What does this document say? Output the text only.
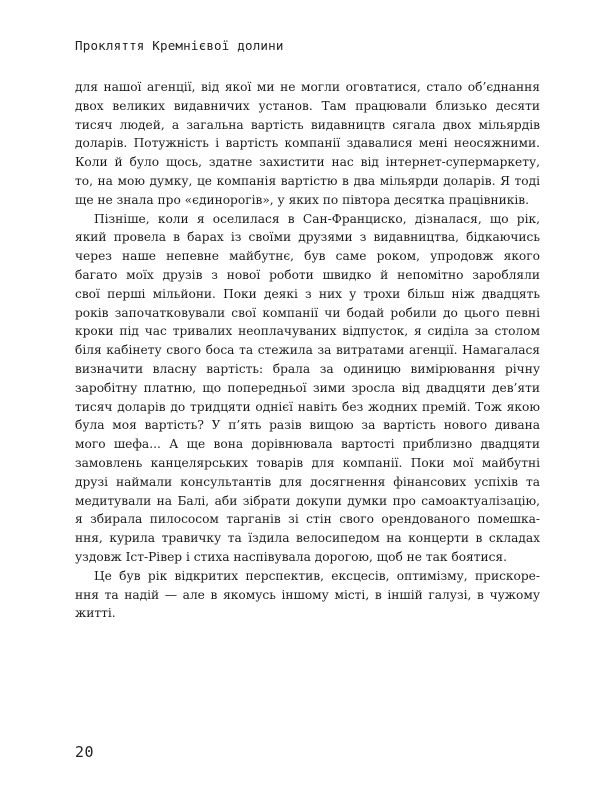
Прокляття Кремнієвої долини
для нашої агенції, від якої ми не могли оговтатися, стало об’єднання
двох великих видавничих установ. Там працювали близько десяти
тисяч людей, а загальна вартість видавництв сягала двох мільярдів
доларів. Потужність і вартість компанії здавалися мені неосяжними.
Коли й було щось, здатне захистити нас від інтернет-супермаркету,
то, на мою думку, це компанія вартістю в два мільярди доларів. Я тоді
ще не знала про «єдинорогів», у яких по півтора десятка працівників.
Пізніше, коли я оселилася в Сан-Франциско, дізналася, що рік,
який провела в барах із своїми друзями з видавництва, бідкаючись
через наше непевне майбутнє, був саме роком, упродовж якого
багато моїх друзів з нової роботи швидко й непомітно заробляли
свої перші мільйони. Поки деякі з них у трохи більш ніж двадцять
років започатковували свої компанії чи бодай робили до цього певні
кроки під час тривалих неоплачуваних відпусток, я сиділа за столом
біля кабінету свого боса та стежила за витратами агенції. Намагалася
визначити власну вартість: брала за одиницю вимірювання річну
заробітну платню, що попередньої зими зросла від двадцяти дев’яти
тисяч доларів до тридцяти однієї навіть без жодних премій. Тож якою
була моя вартість? У п’ять разів вищою за вартість нового дивана
мого шефа... А ще вона дорівнювала вартості приблизно двадцяти
замовлень канцелярських товарів для компанії. Поки мої майбутні
друзі наймали консультантів для досягнення фінансових успіхів та
медитували на Балі, аби зібрати докупи думки про самоактуалізацію,
я збирала пилососом тарганів зі стін свого орендованого помешка-
ння, курила травичку та їздила велосипедом на концерти в складах
уздовж Іст-Рівер і стиха наспівувала дорогою, щоб не так боятися.
Це був рік відкритих перспектив, ексцесів, оптимізму, прискоре-
ння та надій — але в якомусь іншому місті, в іншій галузі, в чужому
житті.
20
